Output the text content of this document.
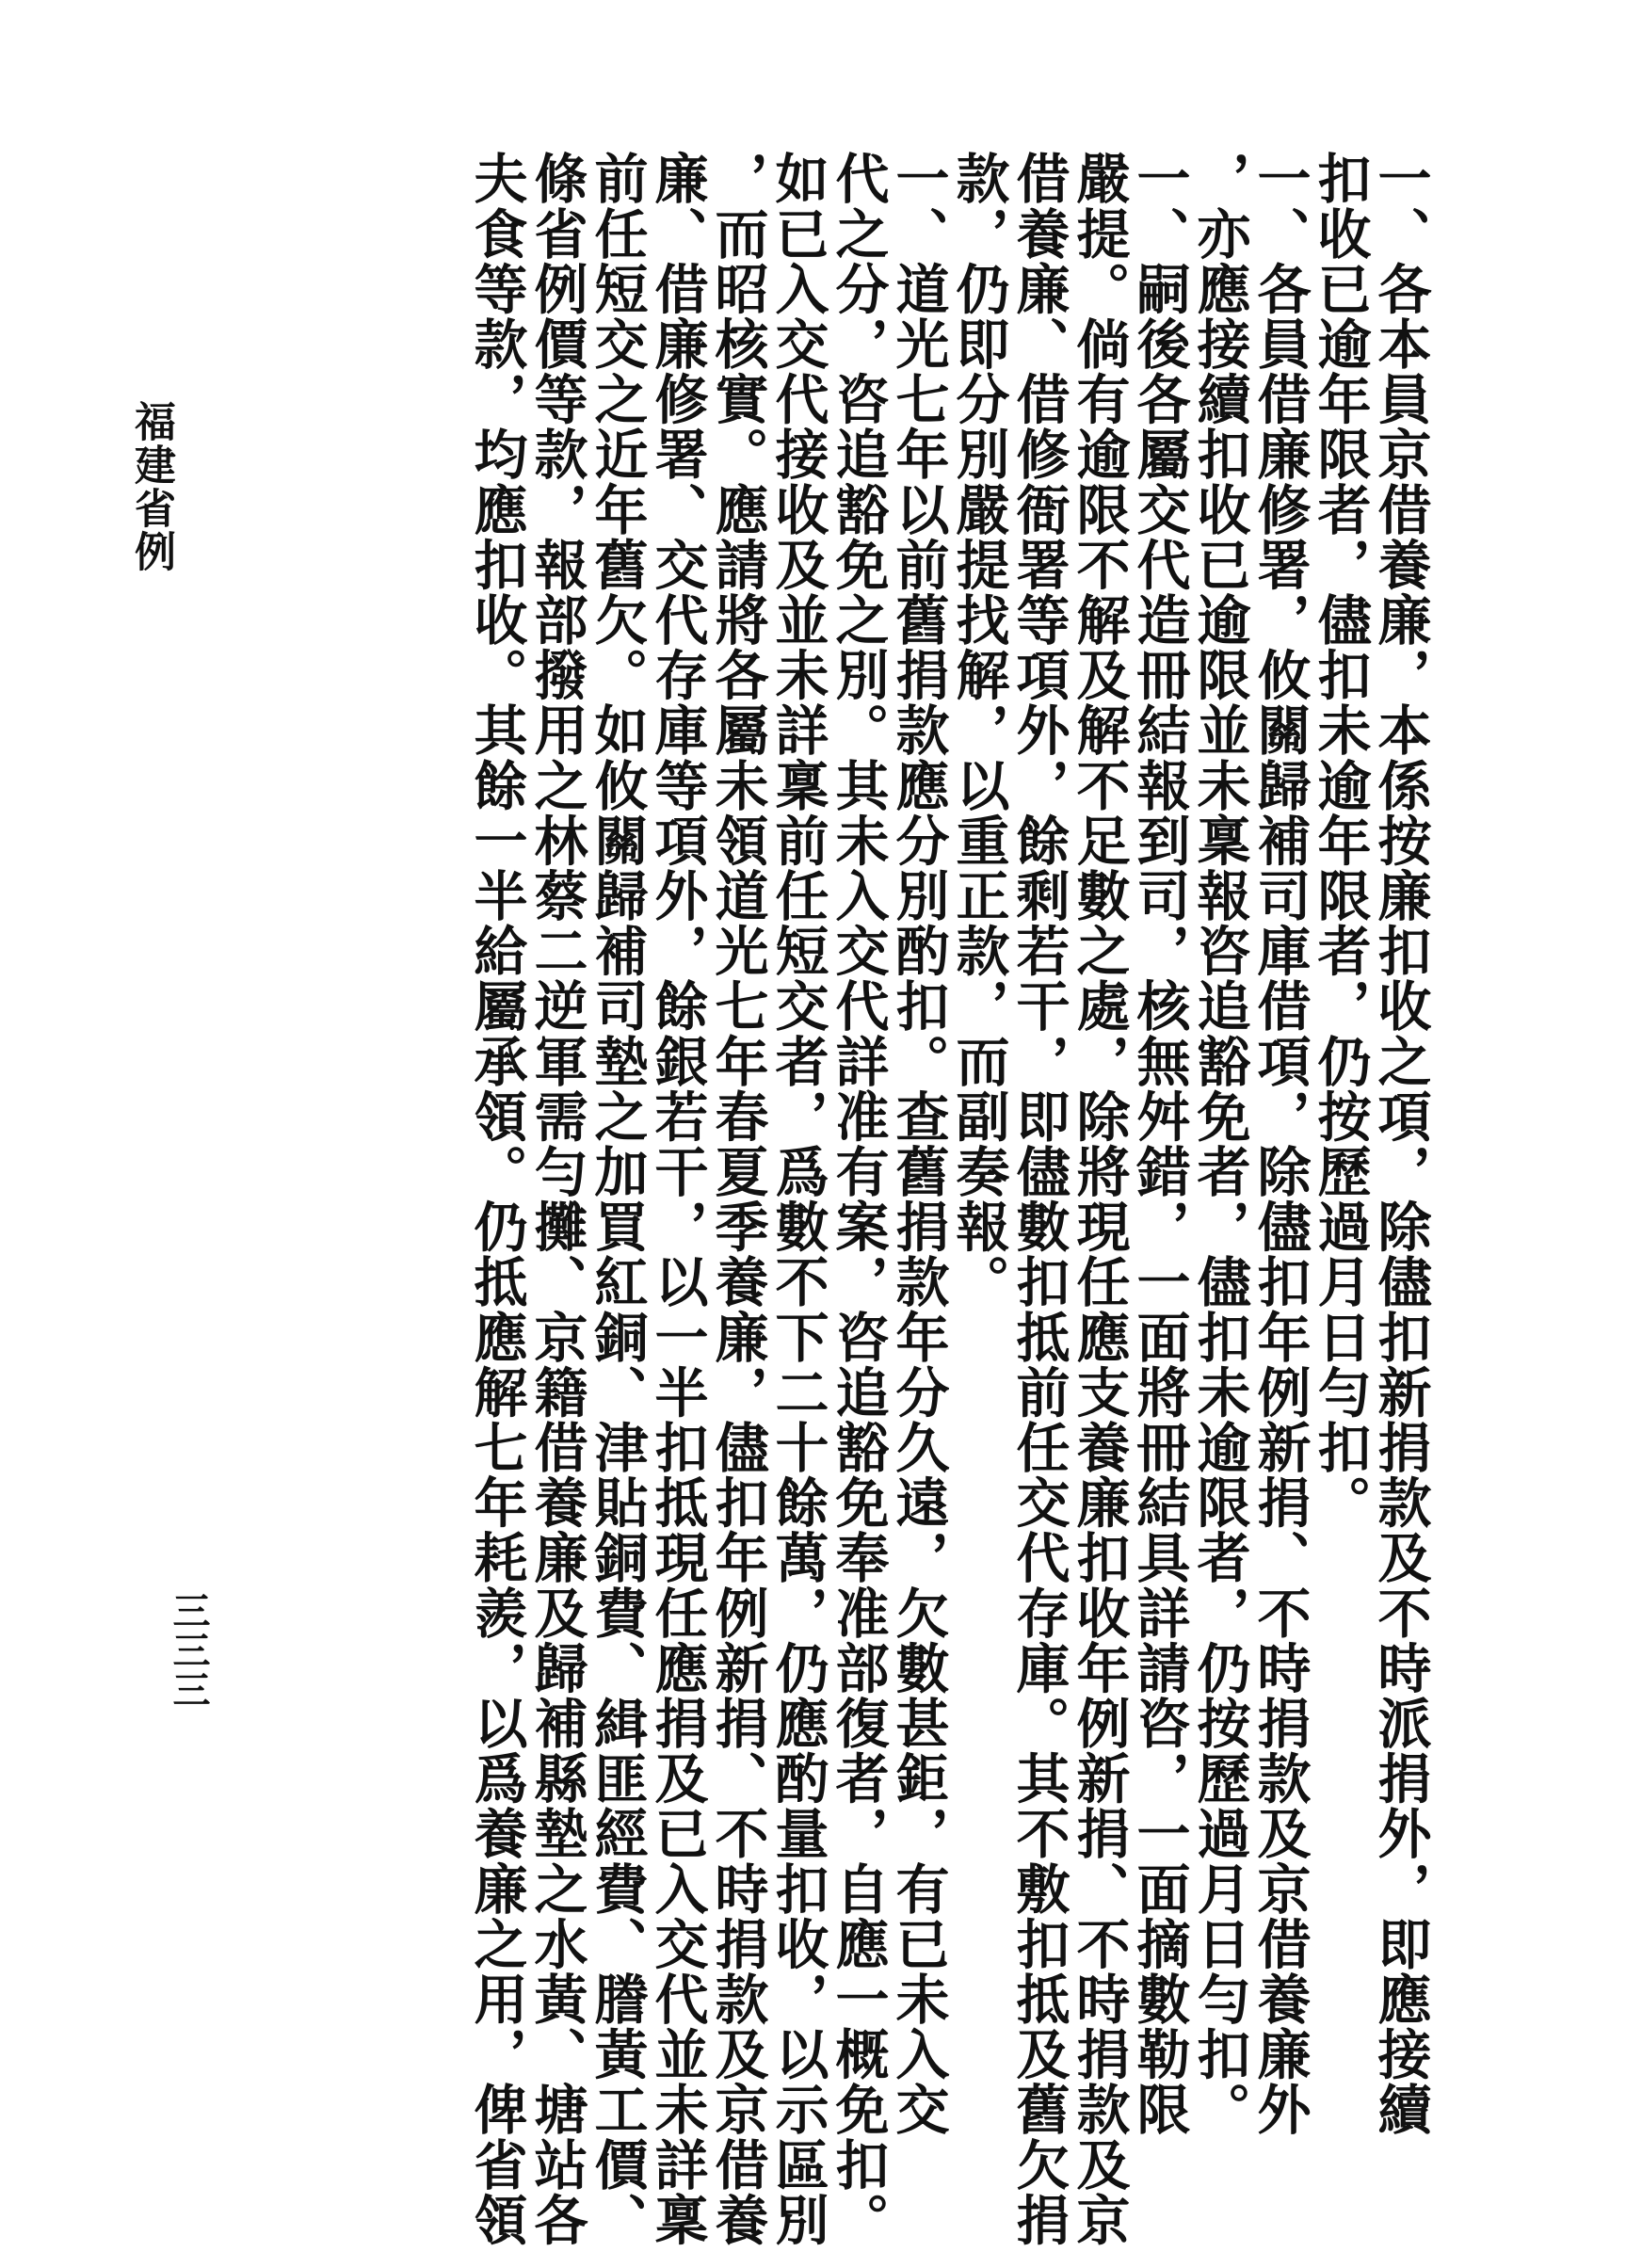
一、各本員京借養廉，本係按廉扣收之項，除儘扣新捐款及不時派捐外，即應接續
扣收已逾年限者，儘扣未逾年限者，仍按歷過月日勻扣。
一、各員借廉修署，攸關歸補司庫借項，除儘扣年例新捐、不時捐款及京借養廉外
，亦應接續扣收已逾限並未稟報咨追豁免者，儘扣未逾限者，仍按歷過月日勻扣。
一、嗣後各屬交代造冊結報到司，核無舛錯，一面將冊結具詳請咨，一面摘數勒限
嚴提。倘有逾限不解及解不足數之處，除將現任應支養廉扣收年例新捐、不時捐款及京
借養廉、借修衙署等項外，餘剩若干，即儘數扣抵前任交代存庫。其不敷扣抵及舊欠捐
款，仍即分別嚴提找解，以重正款，而副奏報。
一、道光七年以前舊捐款應分別酌扣。查舊捐款年分久遠，欠數甚鉅，有已未入交
代之分，咨追豁免之別。其未入交代詳准有案，咨追豁免奉准部復者，自應一概免扣。
如已入交代接收及並未詳稟前任短交者，爲數不下二十餘萬，仍應酌量扣收，以示區別
，而昭核實。應請將各屬未領道光七年春夏季養廉，儘扣年例新捐、不時捐款及京借養
廉、借廉修署、交代存庫等項外，餘銀若干，以一半扣抵現任應捐及已入交代並未詳稟
前任短交之近年舊欠。如攸關歸補司墊之加買紅銅、津貼銅費、緝匪經費、謄黃工價、
條省例價等款，報部撥用之林蔡二逆軍需勻攤、京籍借養廉及歸補縣墊之水黃、塘站各
夫食等款，均應扣收。其餘一半給屬承領。仍抵應解七年耗羨，以爲養廉之用，俾省領
福建省例
三三三
